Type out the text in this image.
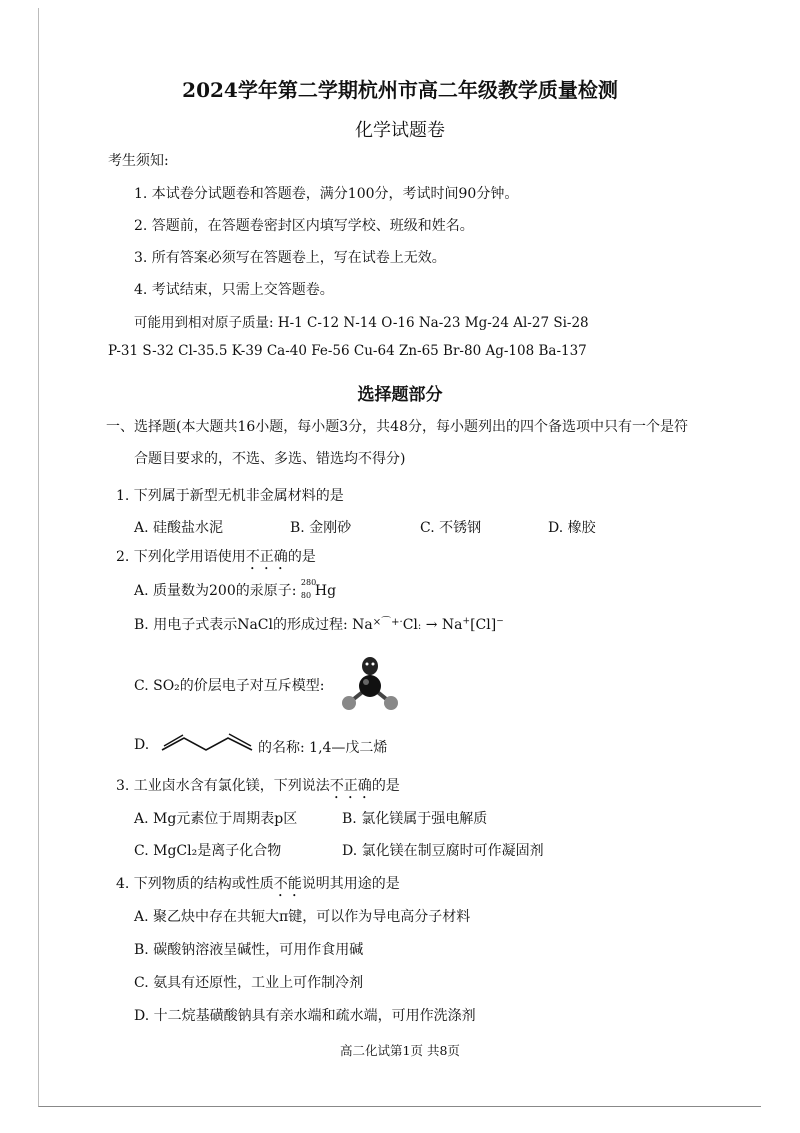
2024学年第二学期杭州市高二年级教学质量检测
化学试题卷
考生须知:
1. 本试卷分试题卷和答题卷，满分100分，考试时间90分钟。
2. 答题前，在答题卷密封区内填写学校、班级和姓名。
3. 所有答案必须写在答题卷上，写在试卷上无效。
4. 考试结束，只需上交答题卷。
可能用到相对原子质量: H-1 C-12 N-14 O-16 Na-23 Mg-24 Al-27 Si-28
P-31 S-32 Cl-35.5 K-39 Ca-40 Fe-56 Cu-64 Zn-65 Br-80 Ag-108 Ba-137
选择题部分
一、选择题(本大题共16小题，每小题3分，共48分，每小题列出的四个备选项中只有一个是符
合题目要求的，不选、多选、错选均不得分)
1. 下列属于新型无机非金属材料的是
A. 硅酸盐水泥	B. 金刚砂	C. 不锈钢	D. 橡胶
2. 下列化学用语使用不正确的是
A. 质量数为200的汞原子:
280
80 Hg
B. 用电子式表示NaCl的形成过程: Na×⌒+·Cl: → Na+[Cl]−
C. SO₂的价层电子对互斥模型:
D.	的名称: 1,4—戊二烯
3. 工业卤水含有氯化镁，下列说法不正确的是
A. Mg元素位于周期表p区	B. 氯化镁属于强电解质
C. MgCl₂是离子化合物	D. 氯化镁在制豆腐时可作凝固剂
4. 下列物质的结构或性质不能说明其用途的是
A. 聚乙炔中存在共轭大π键，可以作为导电高分子材料
B. 碳酸钠溶液呈碱性，可用作食用碱
C. 氨具有还原性，工业上可作制冷剂
D. 十二烷基磺酸钠具有亲水端和疏水端，可用作洗涤剂
高二化试第1页 共8页
